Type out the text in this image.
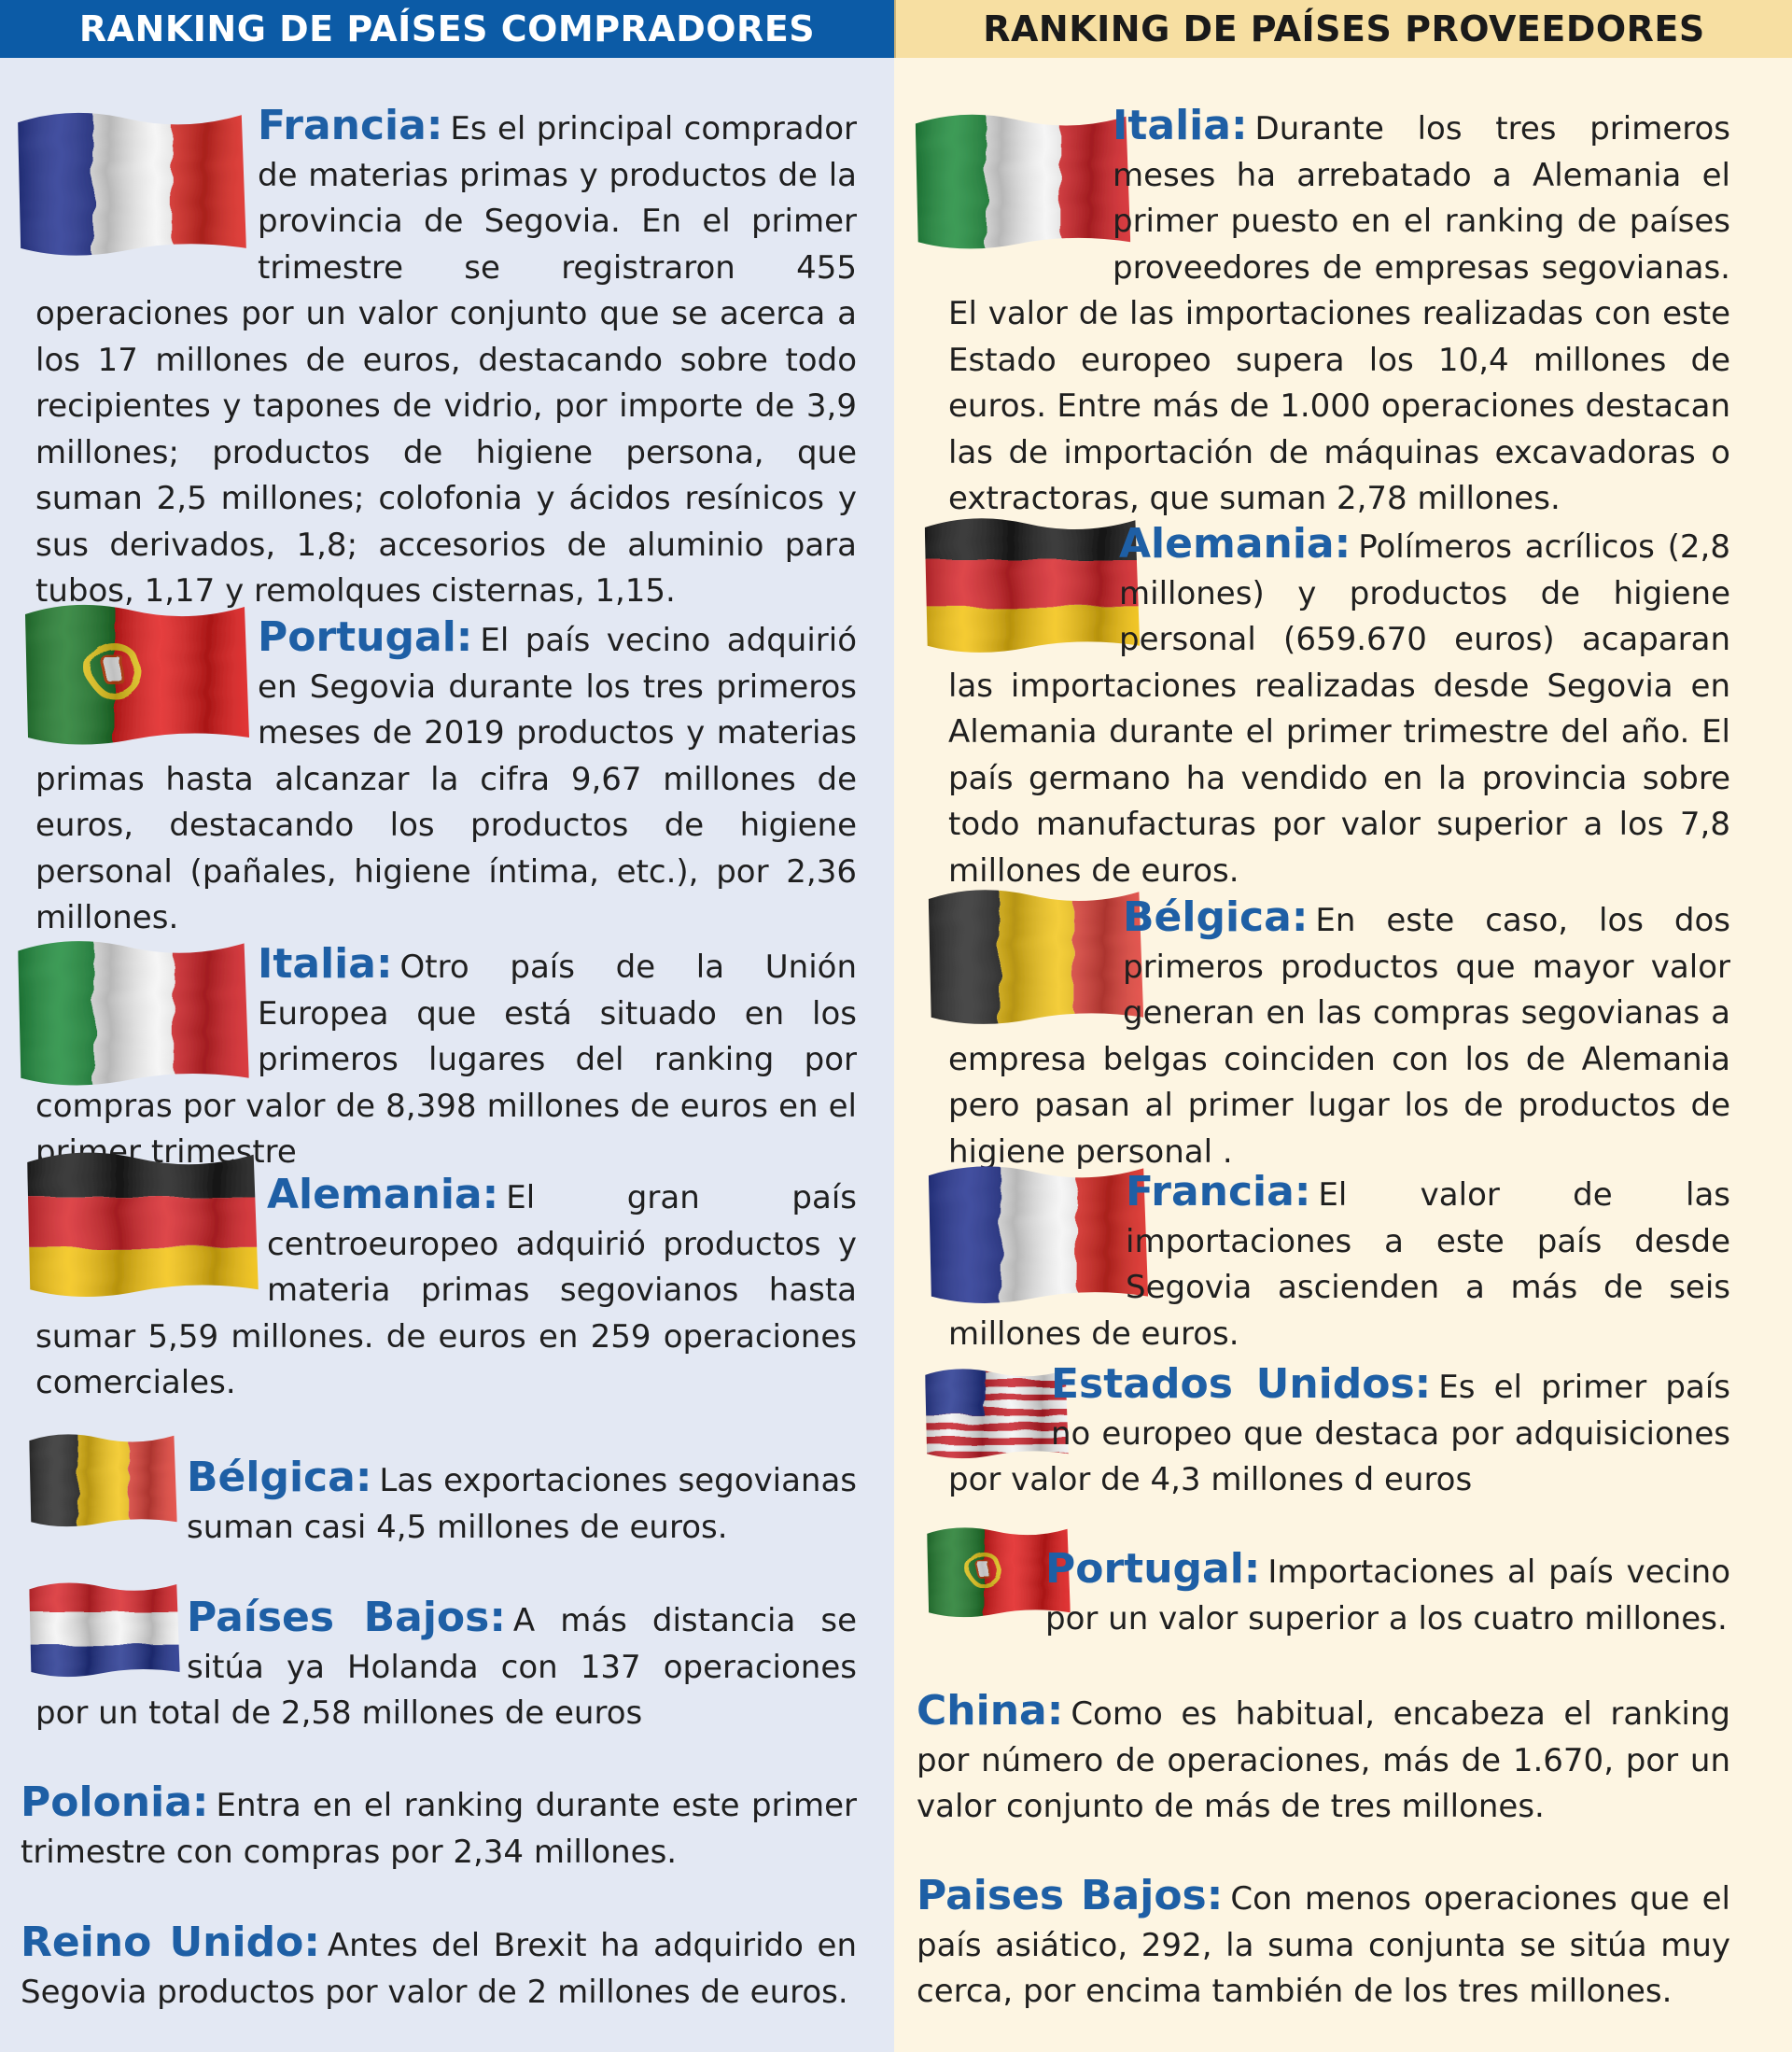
RANKING DE PAÍSES COMPRADORES
Francia: Es el principal comprador de materias primas y productos de la provincia de Segovia. En el primer trimestre se registraron 455 operaciones por un valor conjunto que se acerca a los 17 millones de euros, destacando sobre todo recipientes y tapones de vidrio, por importe de 3,9 millones; productos de higiene persona, que suman 2,5 millones; colofonia y ácidos resínicos y sus derivados, 1,8; accesorios de aluminio para tubos, 1,17 y remolques cisternas, 1,15.
Portugal: El país vecino adquirió en Segovia durante los tres primeros meses de 2019 productos y materias primas hasta alcanzar la cifra 9,67 millones de euros, destacando los productos de higiene personal (pañales, higiene íntima, etc.), por 2,36 millones.
Italia: Otro país de la Unión Europea que está situado en los primeros lugares del ranking por compras por valor de 8,398 millones de euros en el primer trimestre
Alemania: El gran país centroeuropeo adquirió productos y materia primas segovianos hasta sumar 5,59 millones. de euros en 259 operaciones comerciales.
Bélgica: Las exportaciones segovianas suman casi 4,5 millones de euros.
Países Bajos: A más distancia se sitúa ya Holanda con 137 operaciones por un total de 2,58 millones de euros
Polonia: Entra en el ranking durante este primer trimestre con compras por 2,34 millones.
Reino Unido: Antes del Brexit ha adquirido en Segovia productos por valor de 2 millones de euros.
RANKING DE PAÍSES PROVEEDORES
Italia: Durante los tres primeros meses ha arrebatado a Alemania el primer puesto en el ranking de países proveedores de empresas segovianas. El valor de las importaciones realizadas con este Estado europeo supera los 10,4 millones de euros. Entre más de 1.000 operaciones destacan las de importación de máquinas excavadoras o extractoras, que suman 2,78 millones.
Alemania: Polímeros acrílicos (2,8 millones) y productos de higiene personal (659.670 euros) acaparan las importaciones realizadas desde Segovia en Alemania durante el primer trimestre del año. El país germano ha vendido en la provincia sobre todo manufacturas por valor superior a los 7,8 millones de euros.
Bélgica: En este caso, los dos primeros productos que mayor valor generan en las compras segovianas a empresa belgas coinciden con los de Alemania pero pasan al primer lugar los de productos de higiene personal .
Francia: El valor de las importaciones a este país desde Segovia ascienden a más de seis millones de euros.
Estados Unidos: Es el primer país no europeo que destaca por adquisiciones por valor de 4,3 millones d euros
Portugal: Importaciones al país vecino por un valor superior a los cuatro millones.
China: Como es habitual, encabeza el ranking por número de operaciones, más de 1.670, por un valor conjunto de más de tres millones.
Paises Bajos: Con menos operaciones que el país asiático, 292, la suma conjunta se sitúa muy cerca, por encima también de los tres millones.
